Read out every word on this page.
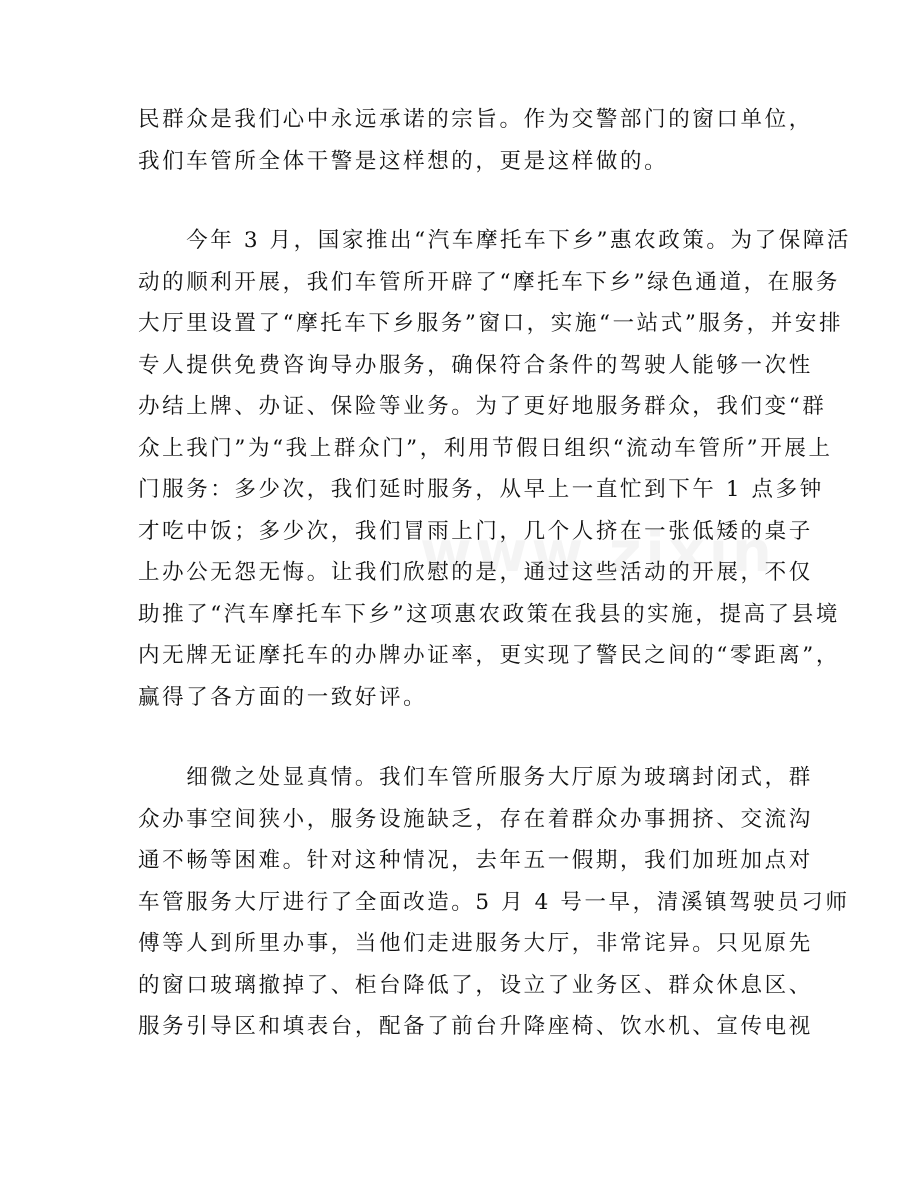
民群众是我们心中永远承诺的宗旨。作为交警部门的窗口单位，
我们车管所全体干警是这样想的，更是这样做的。

　　今年 3 月，国家推出“汽车摩托车下乡”惠农政策。为了保障活
动的顺利开展，我们车管所开辟了“摩托车下乡”绿色通道，在服务
大厅里设置了“摩托车下乡服务”窗口，实施“一站式”服务，并安排
专人提供免费咨询导办服务，确保符合条件的驾驶人能够一次性
办结上牌、办证、保险等业务。为了更好地服务群众，我们变“群
众上我门”为“我上群众门”，利用节假日组织“流动车管所”开展上
门服务：多少次，我们延时服务，从早上一直忙到下午 1 点多钟
才吃中饭；多少次，我们冒雨上门，几个人挤在一张低矮的桌子
上办公无怨无悔。让我们欣慰的是，通过这些活动的开展，不仅
助推了“汽车摩托车下乡”这项惠农政策在我县的实施，提高了县境
内无牌无证摩托车的办牌办证率，更实现了警民之间的“零距离”，
赢得了各方面的一致好评。

　　细微之处显真情。我们车管所服务大厅原为玻璃封闭式，群
众办事空间狭小，服务设施缺乏，存在着群众办事拥挤、交流沟
通不畅等困难。针对这种情况，去年五一假期，我们加班加点对
车管服务大厅进行了全面改造。5 月 4 号一早，清溪镇驾驶员刁师
傅等人到所里办事，当他们走进服务大厅，非常诧异。只见原先
的窗口玻璃撤掉了、柜台降低了，设立了业务区、群众休息区、
服务引导区和填表台，配备了前台升降座椅、饮水机、宣传电视
